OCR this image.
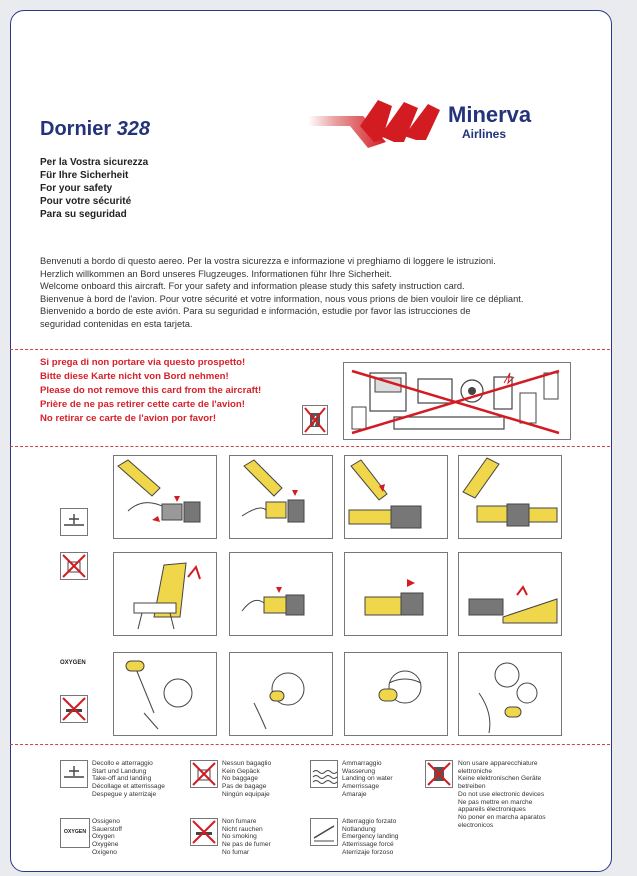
Dornier 328
Per la Vostra sicurezza
Für Ihre Sicherheit
For your safety
Pour votre sécurité
Para su seguridad
Minerva
Airlines
Benvenuti a bordo di questo aereo. Per la vostra sicurezza e informazione vi preghiamo di loggere le istruzioni.
Herzlich willkommen an Bord unseres Flugzeuges. Informationen führ Ihre Sicherheit.
Welcome onboard this aircraft. For your safety and information please study this safety instruction card.
Bienvenue à bord de l'avion. Pour votre sécurité et votre information, nous vous prions de bien vouloir lire ce dépliant.
Bienvenido a bordo de este avión. Para su seguridad e información, estudie por favor las istrucciones de
seguridad contenidas en esta tarjeta.
Si prega di non portare via questo prospetto!
Bitte diese Karte nicht von Bord nehmen!
Please do not remove this card from the aircraft!
Prière de ne pas retirer cette carte de l'avion!
No retirar ce carte de l'avion por favor!
OXYGEN
Decollo e atterraggio
Start und Landung
Take-off and landing
Décollage et atterrissage
Despegue y aterrizaje
Nessun bagaglio
Kein Gepäck
No baggage
Pas de bagage
Ningún equipaje
Ammarraggio
Wasserung
Landing on water
Amerrissage
Amaraje
Non usare apparecchiature
elettroniche
Keine elektronischen Geräte
betreiben
Do not use electronic devices
Ne pas mettre en marche
appareils électroniques
No poner en marcha aparatos
electronicos
OXYGEN
Ossigeno
Sauerstoff
Oxygen
Oxygène
Oxígeno
Non fumare
Nicht rauchen
No smoking
Ne pas de fumer
No fumar
Atterraggio forzato
Notlandung
Emergency landing
Atterrissage forcé
Aterrizaje forzoso
